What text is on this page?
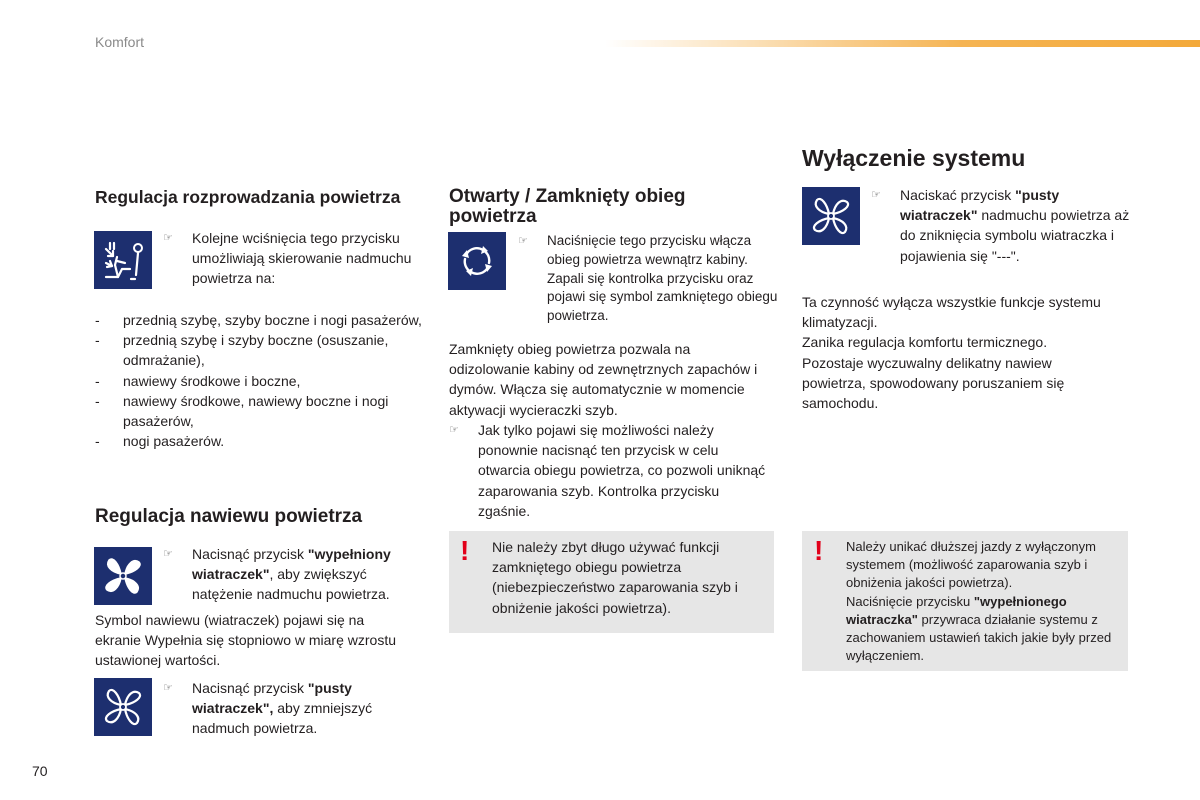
Komfort
Regulacja rozprowadzania powietrza
☞ Kolejne wciśnięcia tego przycisku umożliwiają skierowanie nadmuchu powietrza na:
- przednią szybę, szyby boczne i nogi pasażerów,
- przednią szybę i szyby boczne (osuszanie, odmrażanie),
- nawiewy środkowe i boczne,
- nawiewy środkowe, nawiewy boczne i nogi pasażerów,
- nogi pasażerów.
Regulacja nawiewu powietrza
☞ Nacisnąć przycisk "wypełniony wiatraczek", aby zwiększyć natężenie nadmuchu powietrza.
Symbol nawiewu (wiatraczek) pojawi się na ekranie Wypełnia się stopniowo w miarę wzrostu ustawionej wartości.
☞ Nacisnąć przycisk "pusty wiatraczek", aby zmniejszyć nadmuch powietrza.
Otwarty / Zamknięty obieg powietrza
☞ Naciśnięcie tego przycisku włącza obieg powietrza wewnątrz kabiny. Zapali się kontrolka przycisku oraz pojawi się symbol zamkniętego obiegu powietrza.
Zamknięty obieg powietrza pozwala na odizolowanie kabiny od zewnętrznych zapachów i dymów. Włącza się automatycznie w momencie aktywacji wycieraczki szyb.
☞ Jak tylko pojawi się możliwości należy ponownie nacisnąć ten przycisk w celu otwarcia obiegu powietrza, co pozwoli uniknąć zaparowania szyb. Kontrolka przycisku zgaśnie.
! Nie należy zbyt długo używać funkcji zamkniętego obiegu powietrza (niebezpieczeństwo zaparowania szyb i obniżenie jakości powietrza).
Wyłączenie systemu
☞ Naciskać przycisk "pusty wiatraczek" nadmuchu powietrza aż do zniknięcia symbolu wiatraczka i pojawienia się "---".

Ta czynność wyłącza wszystkie funkcje systemu klimatyzacji.

Zanika regulacja komfortu termicznego.

Pozostaje wyczuwalny delikatny nawiew powietrza, spowodowany poruszaniem się samochodu.

! Należy unikać dłuższej jazdy z wyłączonym systemem (możliwość zaparowania szyb i obniżenia jakości powietrza).

Naciśnięcie przycisku "wypełnionego wiatraczka" przywraca działanie systemu z zachowaniem ustawień takich jakie były przed wyłączeniem.

70
